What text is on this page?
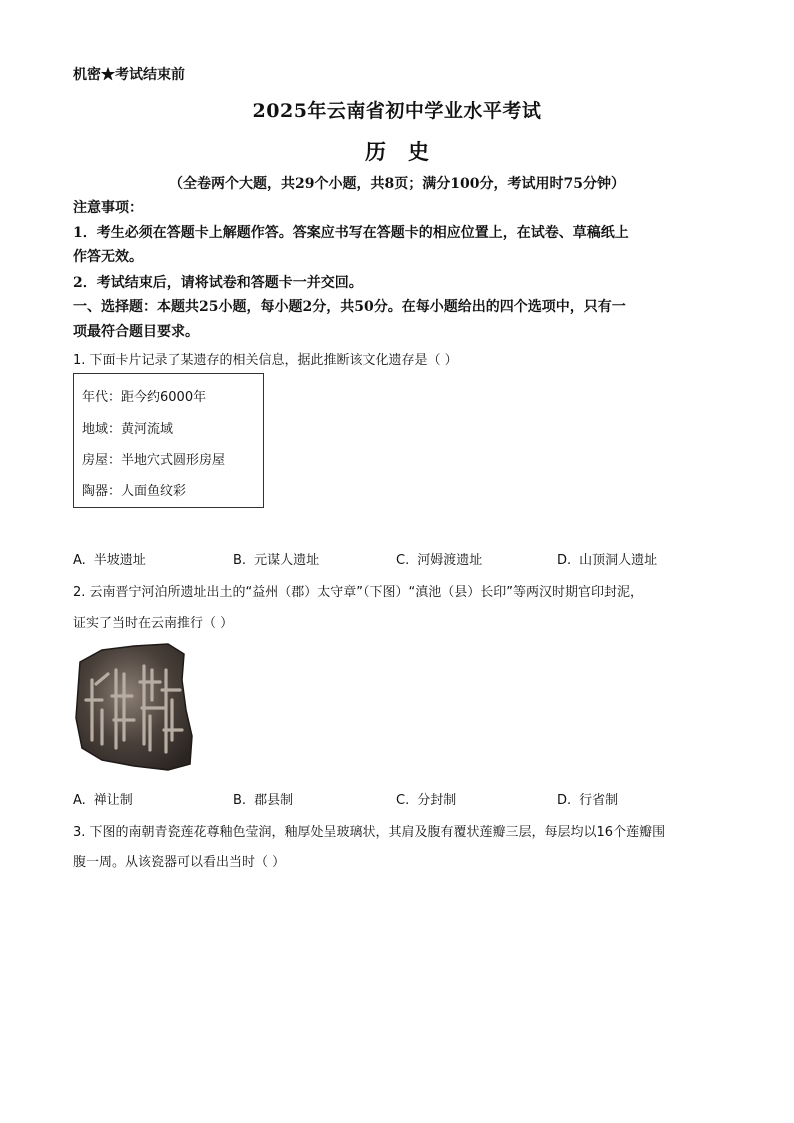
机密★考试结束前
2025年云南省初中学业水平考试
历史
（全卷两个大题，共29个小题，共8页；满分100分，考试用时75分钟）
注意事项：
1．考生必须在答题卡上解题作答。答案应书写在答题卡的相应位置上，在试卷、草稿纸上
作答无效。
2．考试结束后，请将试卷和答题卡一并交回。
一、选择题：本题共25小题，每小题2分，共50分。在每小题给出的四个选项中，只有一
项最符合题目要求。
1. 下面卡片记录了某遗存的相关信息，据此推断该文化遗存是（ ）
年代：距今约6000年
地域：黄河流域
房屋：半地穴式圆形房屋
陶器：人面鱼纹彩
A. 半坡遗址	B. 元谋人遗址	C. 河姆渡遗址	D. 山顶洞人遗址
2. 云南晋宁河泊所遗址出土的“益州（郡）太守章”（下图）“滇池（县）长印”等两汉时期官印封泥，
证实了当时在云南推行（ ）
A. 禅让制	B. 郡县制	C. 分封制	D. 行省制
3. 下图的南朝青瓷莲花尊釉色莹润，釉厚处呈玻璃状，其肩及腹有覆状莲瓣三层，每层均以16个莲瓣围
腹一周。从该瓷器可以看出当时（ ）
